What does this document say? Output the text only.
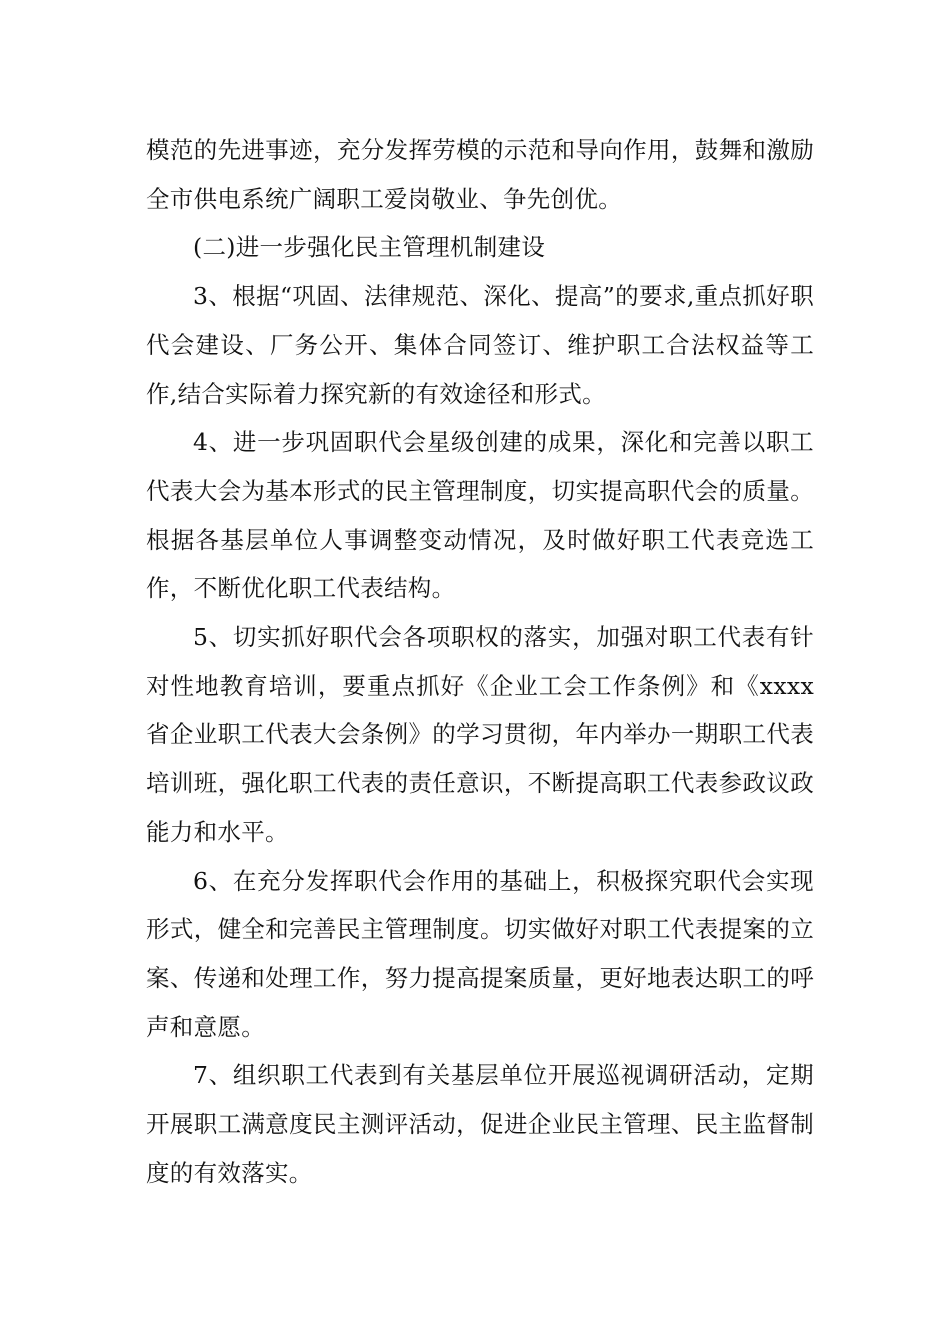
模范的先进事迹，充分发挥劳模的示范和导向作用，鼓舞和激励全市供电系统广阔职工爱岗敬业、争先创优。

(二)进一步强化民主管理机制建设

3、根据“巩固、法律规范、深化、提高”的要求,重点抓好职代会建设、厂务公开、集体合同签订、维护职工合法权益等工作,结合实际着力探究新的有效途径和形式。

4、进一步巩固职代会星级创建的成果，深化和完善以职工代表大会为基本形式的民主管理制度，切实提高职代会的质量。根据各基层单位人事调整变动情况，及时做好职工代表竞选工作，不断优化职工代表结构。

5、切实抓好职代会各项职权的落实，加强对职工代表有针对性地教育培训，要重点抓好《企业工会工作条例》和《xxxx省企业职工代表大会条例》的学习贯彻，年内举办一期职工代表培训班，强化职工代表的责任意识，不断提高职工代表参政议政能力和水平。

6、在充分发挥职代会作用的基础上，积极探究职代会实现形式，健全和完善民主管理制度。切实做好对职工代表提案的立案、传递和处理工作，努力提高提案质量，更好地表达职工的呼声和意愿。

7、组织职工代表到有关基层单位开展巡视调研活动，定期开展职工满意度民主测评活动，促进企业民主管理、民主监督制度的有效落实。
